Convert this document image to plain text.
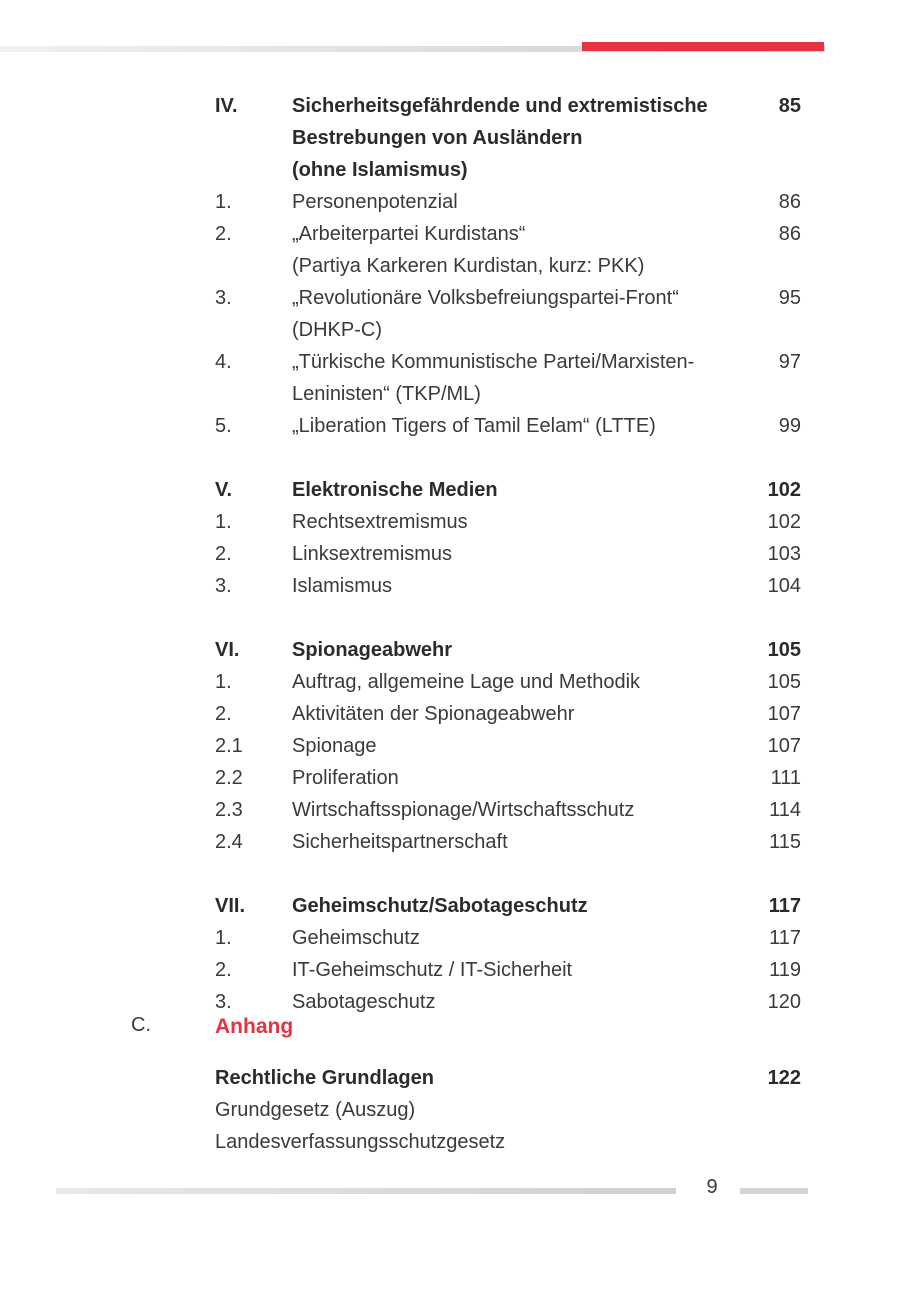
IV.	Sicherheitsgefährdende und extremistische
Bestrebungen von Ausländern
(ohne Islamismus)
85
1.	Personenpotenzial	86
2.	„Arbeiterpartei Kurdistans“
(Partiya Karkeren Kurdistan, kurz: PKK)
86
3.	„Revolutionäre Volksbefreiungspartei-Front“
(DHKP-C)
95
4.	„Türkische Kommunistische Partei/Marxisten-
Leninisten“ (TKP/ML)
97
5.	„Liberation Tigers of Tamil Eelam“ (LTTE)	99
V.	Elektronische Medien	102
1.	Rechtsextremismus	102
2.	Linksextremismus	103
3.	Islamismus	104
VI.	Spionageabwehr	105
1.	Auftrag, allgemeine Lage und Methodik	105
2.	Aktivitäten der Spionageabwehr	107
2.1 Spionage	107
2.2 Proliferation	111
2.3 Wirtschaftsspionage/Wirtschaftsschutz	114
2.4 Sicherheitspartnerschaft	115
VII. Geheimschutz/Sabotageschutz	117
1.	Geheimschutz	117
2.	IT-Geheimschutz / IT-Sicherheit	119
3.	Sabotageschutz	120
C.	Anhang
Rechtliche Grundlagen	122
Grundgesetz (Auszug)
Landesverfassungsschutzgesetz
9
